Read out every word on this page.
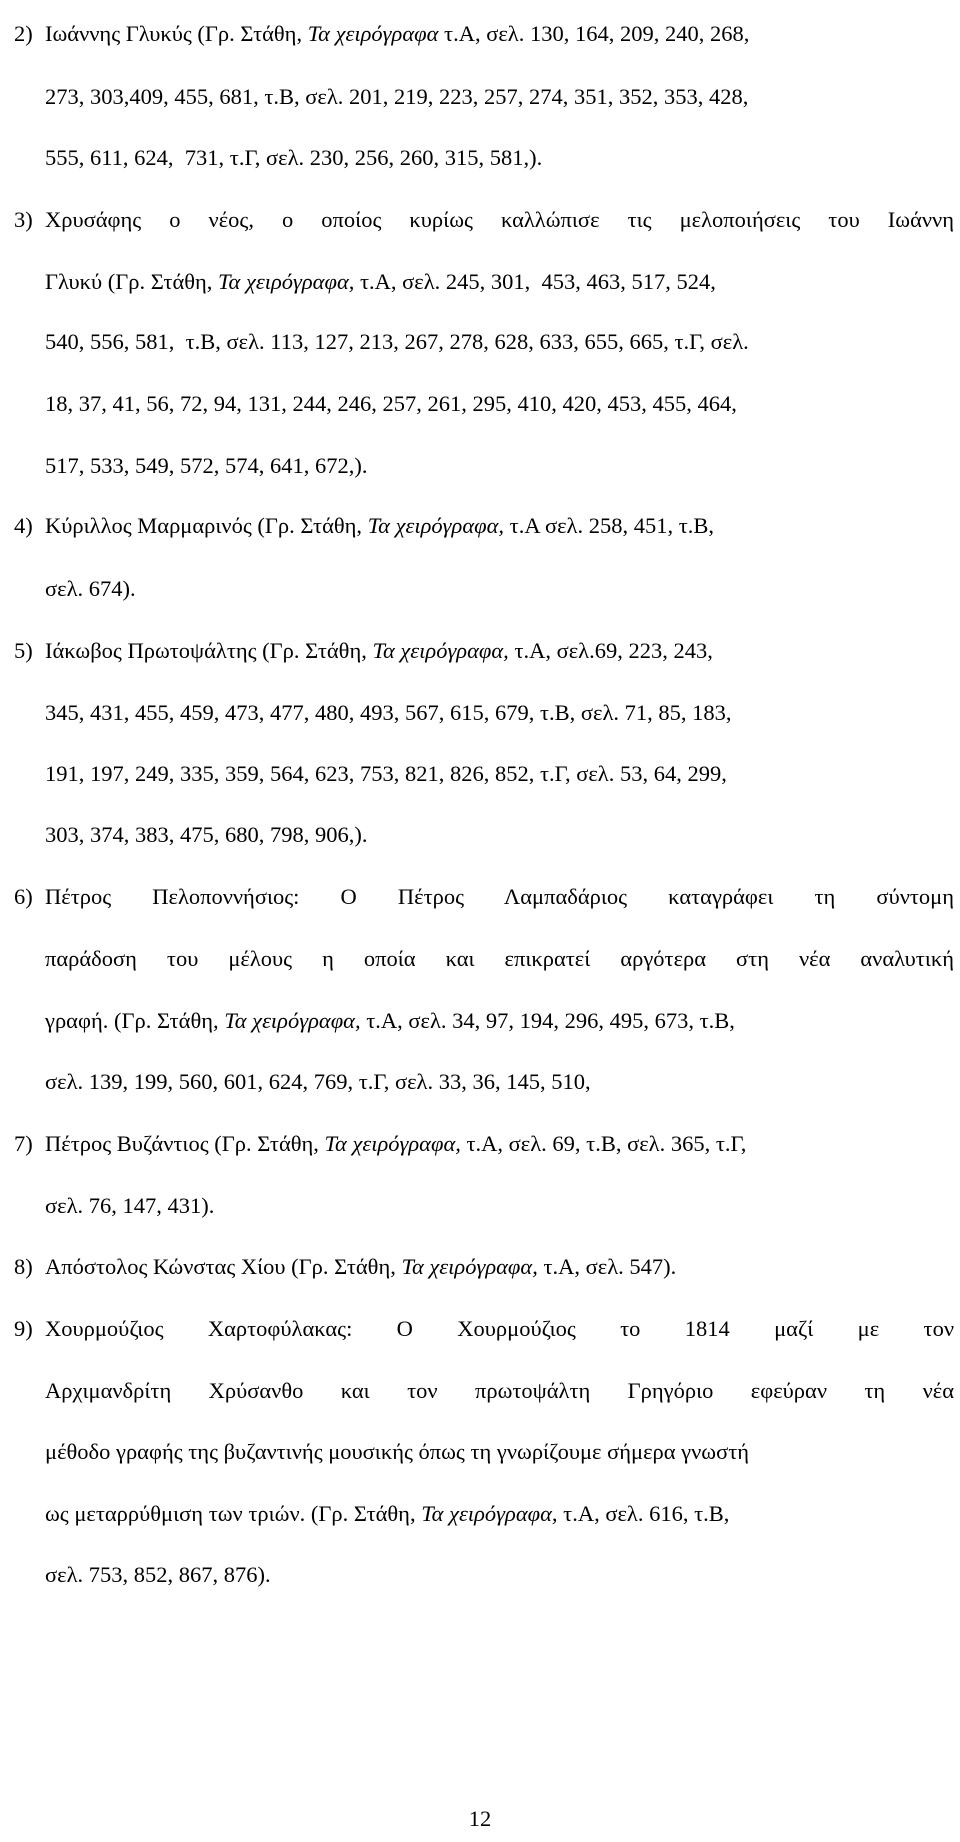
2) Ιωάννης Γλυκύς (Γρ. Στάθη, Τα χειρόγραφα τ.Α, σελ. 130, 164, 209, 240, 268,
273, 303,409, 455, 681, τ.Β, σελ. 201, 219, 223, 257, 274, 351, 352, 353, 428,
555, 611, 624,  731, τ.Γ, σελ. 230, 256, 260, 315, 581,).
3) Χρυσάφης ο νέος, ο οποίος κυρίως καλλώπισε τις μελοποιήσεις του Ιωάννη
Γλυκύ (Γρ. Στάθη, Τα χειρόγραφα, τ.Α, σελ. 245, 301,  453, 463, 517, 524,
540, 556, 581,  τ.Β, σελ. 113, 127, 213, 267, 278, 628, 633, 655, 665, τ.Γ, σελ.
18, 37, 41, 56, 72, 94, 131, 244, 246, 257, 261, 295, 410, 420, 453, 455, 464,
517, 533, 549, 572, 574, 641, 672,).
4) Κύριλλος Μαρμαρινός (Γρ. Στάθη, Τα χειρόγραφα, τ.Α σελ. 258, 451, τ.Β,
σελ. 674).
5) Ιάκωβος Πρωτοψάλτης (Γρ. Στάθη, Τα χειρόγραφα, τ.Α, σελ.69, 223, 243,
345, 431, 455, 459, 473, 477, 480, 493, 567, 615, 679, τ.Β, σελ. 71, 85, 183,
191, 197, 249, 335, 359, 564, 623, 753, 821, 826, 852, τ.Γ, σελ. 53, 64, 299,
303, 374, 383, 475, 680, 798, 906,).
6) Πέτρος Πελοποννήσιος: Ο Πέτρος Λαμπαδάριος καταγράφει τη σύντομη
παράδοση του μέλους η οποία και επικρατεί αργότερα στη νέα αναλυτική
γραφή. (Γρ. Στάθη, Τα χειρόγραφα, τ.Α, σελ. 34, 97, 194, 296, 495, 673, τ.Β,
σελ. 139, 199, 560, 601, 624, 769, τ.Γ, σελ. 33, 36, 145, 510,
7) Πέτρος Βυζάντιος (Γρ. Στάθη, Τα χειρόγραφα, τ.Α, σελ. 69, τ.Β, σελ. 365, τ.Γ,
σελ. 76, 147, 431).
8) Απόστολος Κώνστας Χίου (Γρ. Στάθη, Τα χειρόγραφα, τ.Α, σελ. 547).
9) Χουρμούζιος Χαρτοφύλακας: Ο Χουρμούζιος το 1814 μαζί με τον
Αρχιμανδρίτη Χρύσανθο και τον πρωτοψάλτη Γρηγόριο εφεύραν τη νέα
μέθοδο γραφής της βυζαντινής μουσικής όπως τη γνωρίζουμε σήμερα γνωστή
ως μεταρρύθμιση των τριών. (Γρ. Στάθη, Τα χειρόγραφα, τ.Α, σελ. 616, τ.Β,
σελ. 753, 852, 867, 876).
12
